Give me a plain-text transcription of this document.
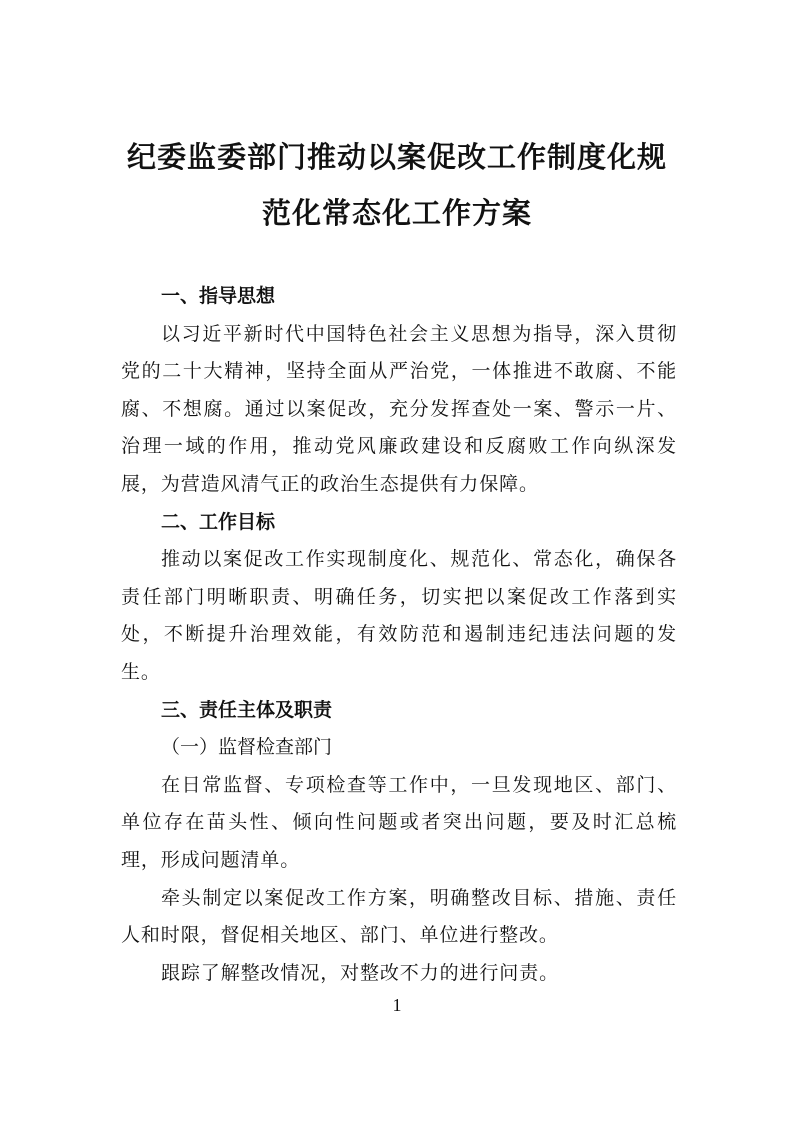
纪委监委部门推动以案促改工作制度化规
范化常态化工作方案

一、指导思想

以习近平新时代中国特色社会主义思想为指导，深入贯彻党的二十大精神，坚持全面从严治党，一体推进不敢腐、不能腐、不想腐。通过以案促改，充分发挥查处一案、警示一片、治理一域的作用，推动党风廉政建设和反腐败工作向纵深发展，为营造风清气正的政治生态提供有力保障。

二、工作目标

推动以案促改工作实现制度化、规范化、常态化，确保各责任部门明晰职责、明确任务，切实把以案促改工作落到实处，不断提升治理效能，有效防范和遏制违纪违法问题的发生。

三、责任主体及职责

（一）监督检查部门

在日常监督、专项检查等工作中，一旦发现地区、部门、单位存在苗头性、倾向性问题或者突出问题，要及时汇总梳理，形成问题清单。

牵头制定以案促改工作方案，明确整改目标、措施、责任人和时限，督促相关地区、部门、单位进行整改。

跟踪了解整改情况，对整改不力的进行问责。

1
